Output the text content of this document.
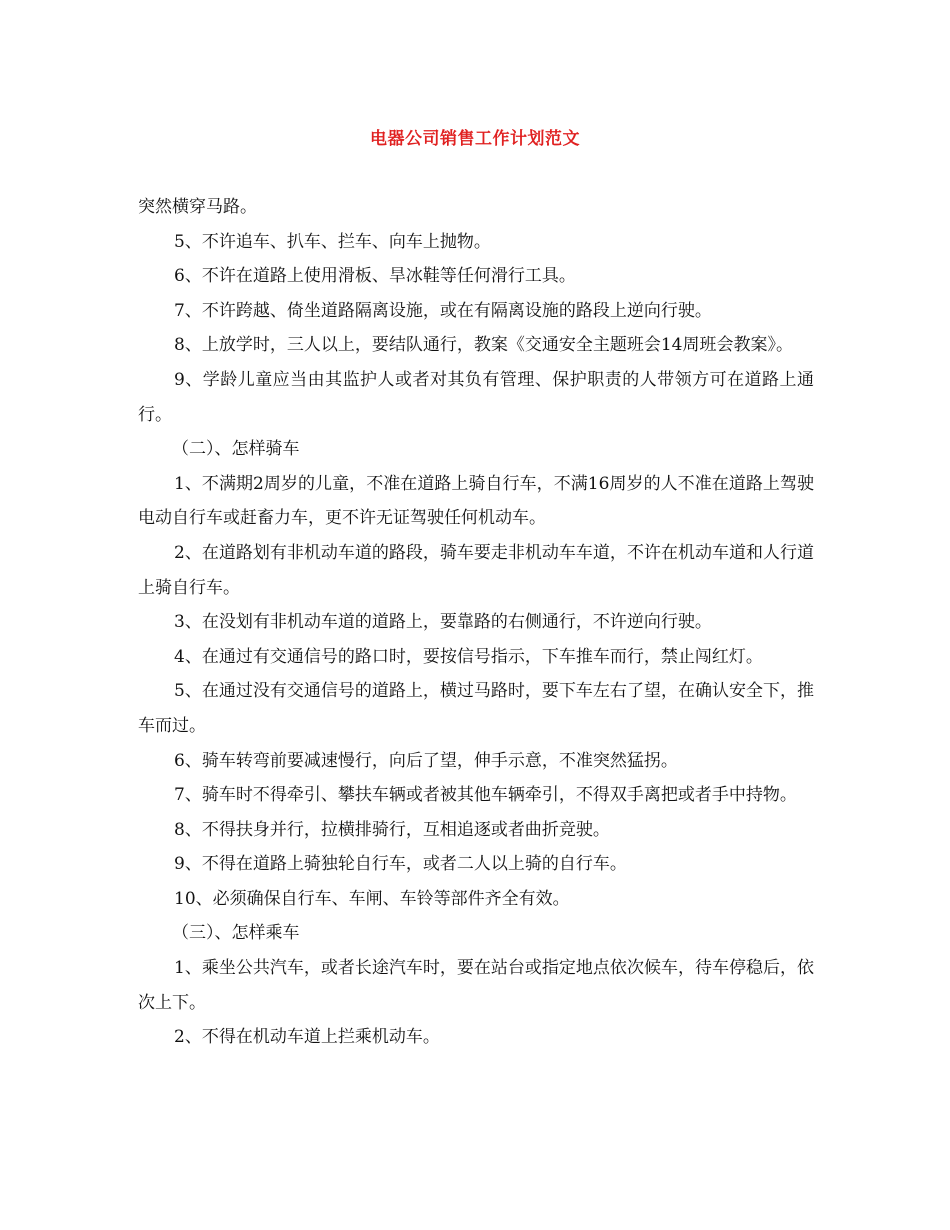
电器公司销售工作计划范文

突然横穿马路。

5、不许追车、扒车、拦车、向车上抛物。

6、不许在道路上使用滑板、旱冰鞋等任何滑行工具。

7、不许跨越、倚坐道路隔离设施，或在有隔离设施的路段上逆向行驶。

8、上放学时，三人以上，要结队通行，教案《交通安全主题班会14周班会教案》。

9、学龄儿童应当由其监护人或者对其负有管理、保护职责的人带领方可在道路上通行。

（二）、怎样骑车

1、不满期2周岁的儿童，不准在道路上骑自行车，不满16周岁的人不准在道路上驾驶电动自行车或赶畜力车，更不许无证驾驶任何机动车。

2、在道路划有非机动车道的路段，骑车要走非机动车车道，不许在机动车道和人行道上骑自行车。

3、在没划有非机动车道的道路上，要靠路的右侧通行，不许逆向行驶。

4、在通过有交通信号的路口时，要按信号指示，下车推车而行，禁止闯红灯。

5、在通过没有交通信号的道路上，横过马路时，要下车左右了望，在确认安全下，推车而过。

6、骑车转弯前要减速慢行，向后了望，伸手示意，不准突然猛拐。

7、骑车时不得牵引、攀扶车辆或者被其他车辆牵引，不得双手离把或者手中持物。

8、不得扶身并行，拉横排骑行，互相追逐或者曲折竞驶。

9、不得在道路上骑独轮自行车，或者二人以上骑的自行车。

10、必须确保自行车、车闸、车铃等部件齐全有效。

（三）、怎样乘车

1、乘坐公共汽车，或者长途汽车时，要在站台或指定地点依次候车，待车停稳后，依次上下。

2、不得在机动车道上拦乘机动车。
